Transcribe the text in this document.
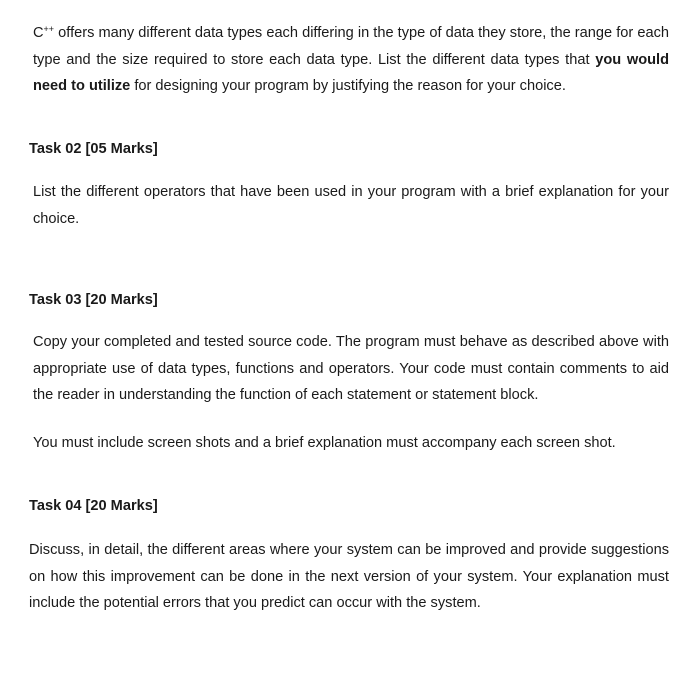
C++ offers many different data types each differing in the type of data they store, the range for each type and the size required to store each data type. List the different data types that you would need to utilize for designing your program by justifying the reason for your choice.

Task 02 [05 Marks]

List the different operators that have been used in your program with a brief explanation for your choice.

Task 03 [20 Marks]

Copy your completed and tested source code. The program must behave as described above with appropriate use of data types, functions and operators. Your code must contain comments to aid the reader in understanding the function of each statement or statement block.

You must include screen shots and a brief explanation must accompany each screen shot.

Task 04 [20 Marks]

Discuss, in detail, the different areas where your system can be improved and provide suggestions on how this improvement can be done in the next version of your system. Your explanation must include the potential errors that you predict can occur with the system.
